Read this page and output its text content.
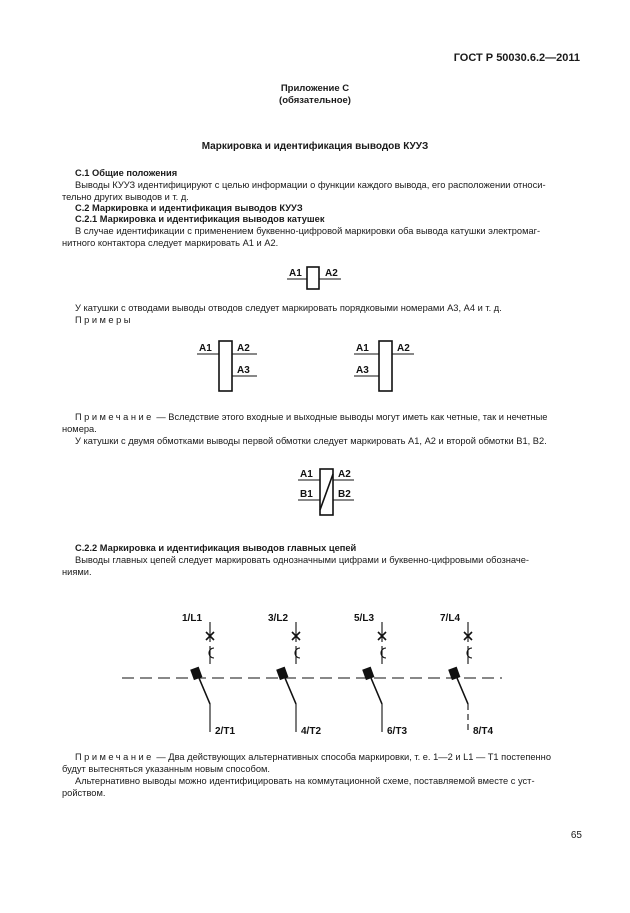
ГОСТ Р 50030.6.2—2011
Приложение С
(обязательное)
Маркировка и идентификация выводов КУУЗ
С.1 Общие положения
Выводы КУУЗ идентифицируют с целью информации о функции каждого вывода, его расположении относи-
тельно других выводов и т. д.
С.2 Маркировка и идентификация выводов КУУЗ
С.2.1 Маркировка и идентификация выводов катушек
В случае идентификации с применением буквенно-цифровой маркировки оба вывода катушки электромаг-
нитного контактора следует маркировать А1 и А2.
A1 A2
У катушки с отводами выводы отводов следует маркировать порядковыми номерами А3, А4 и т. д.
Примеры
A1	A2
A3
A1	A2
A3
Примечание — Вследствие этого входные и выходные выводы могут иметь как четные, так и нечетные
номера.
У катушки с двумя обмотками выводы первой обмотки следует маркировать А1, А2 и второй обмотки В1, В2.
A1	A2
B1	B2
С.2.2 Маркировка и идентификация выводов главных цепей
Выводы главных цепей следует маркировать однозначными цифрами и буквенно-цифровыми обозначе-
ниями.
1/L1
2/T1
3/L2
4/T2
5/L3
6/T3
7/L4
8/T4
Примечание — Два действующих альтернативных способа маркировки, т. е. 1—2 и L1 — T1 постепенно
будут вытесняться указанным новым способом.
Альтернативно выводы можно идентифицировать на коммутационной схеме, поставляемой вместе с уст-
ройством.
65
